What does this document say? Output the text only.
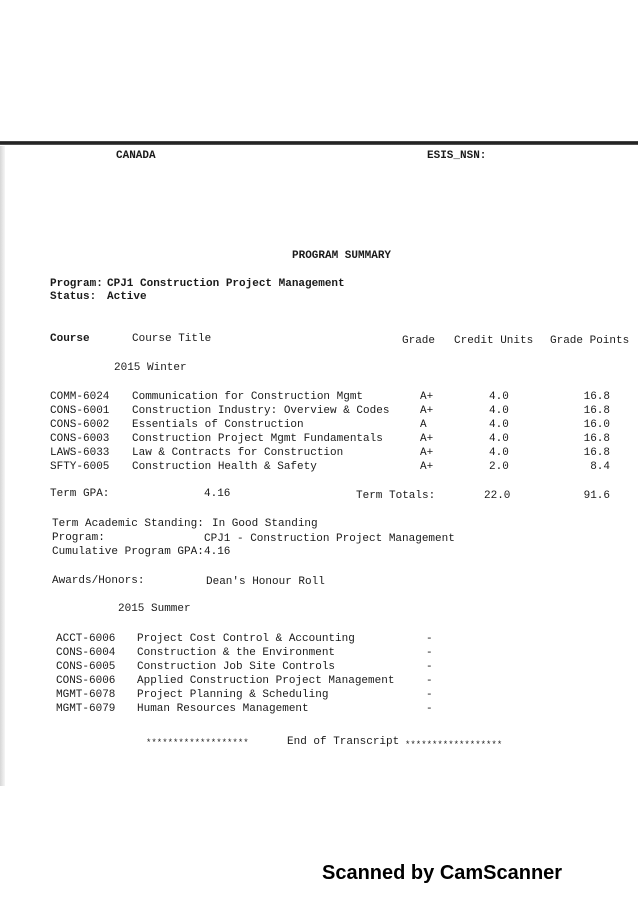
CANADA	ESIS_NSN:
PROGRAM SUMMARY
Program: CPJ1 Construction Project Management
Status: Active
Course	Course Title	Grade Credit Units Grade Points
2015 Winter
COMM-6024 Communication for Construction Mgmt	A+	4.0	16.8
CONS-6001 Construction Industry: Overview & Codes	A+	4.0	16.8
CONS-6002 Essentials of Construction	A	4.0	16.0
CONS-6003 Construction Project Mgmt Fundamentals	A+	4.0	16.8
LAWS-6033 Law & Contracts for Construction	A+	4.0	16.8
SFTY-6005 Construction Health & Safety	A+	2.0	8.4
Term GPA:	4.16	Term Totals:	22.0	91.6
Term Academic Standing: In Good Standing
Program:	CPJ1 - Construction Project Management
Cumulative Program GPA: 4.16
Awards/Honors:	Dean's Honour Roll
2015 Summer
ACCT-6006 Project Cost Control & Accounting	-
CONS-6004 Construction & the Environment	-
CONS-6005 Construction Job Site Controls	-
CONS-6006 Applied Construction Project Management	-
MGMT-6078 Project Planning & Scheduling	-
MGMT-6079 Human Resources Management	-
*******************	End of Transcript ******************
Scanned by CamScanner
